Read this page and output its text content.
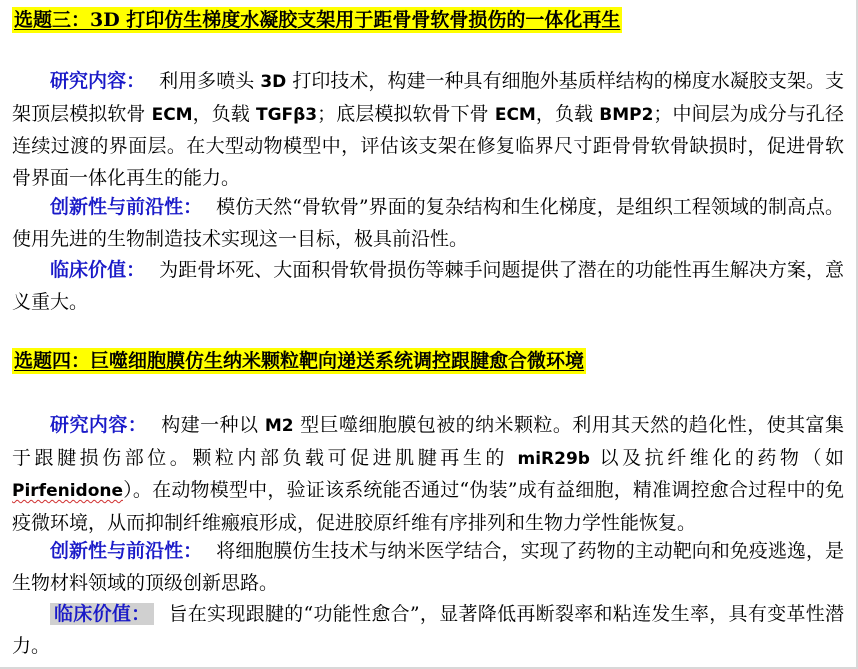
选题三：3D 打印仿生梯度水凝胶支架用于距骨骨软骨损伤的一体化再生

研究内容： 利用多喷头 3D 打印技术，构建一种具有细胞外基质样结构的梯度水凝胶支架。支架顶层模拟软骨 ECM，负载 TGFβ3；底层模拟软骨下骨 ECM，负载 BMP2；中间层为成分与孔径连续过渡的界面层。在大型动物模型中，评估该支架在修复临界尺寸距骨骨软骨缺损时，促进骨软骨界面一体化再生的能力。

创新性与前沿性： 模仿天然“骨软骨”界面的复杂结构和生化梯度，是组织工程领域的制高点。使用先进的生物制造技术实现这一目标，极具前沿性。

临床价值： 为距骨坏死、大面积骨软骨损伤等棘手问题提供了潜在的功能性再生解决方案，意义重大。

选题四：巨噬细胞膜仿生纳米颗粒靶向递送系统调控跟腱愈合微环境

研究内容： 构建一种以 M2 型巨噬细胞膜包被的纳米颗粒。利用其天然的趋化性，使其富集于跟腱损伤部位。颗粒内部负载可促进肌腱再生的 miR29b 以及抗纤维化的药物（如 Pirfenidone）。在动物模型中，验证该系统能否通过“伪装”成有益细胞，精准调控愈合过程中的免疫微环境，从而抑制纤维瘢痕形成，促进胶原纤维有序排列和生物力学性能恢复。

创新性与前沿性： 将细胞膜仿生技术与纳米医学结合，实现了药物的主动靶向和免疫逃逸，是生物材料领域的顶级创新思路。

临床价值： 旨在实现跟腱的“功能性愈合”，显著降低再断裂率和粘连发生率，具有变革性潜力。
